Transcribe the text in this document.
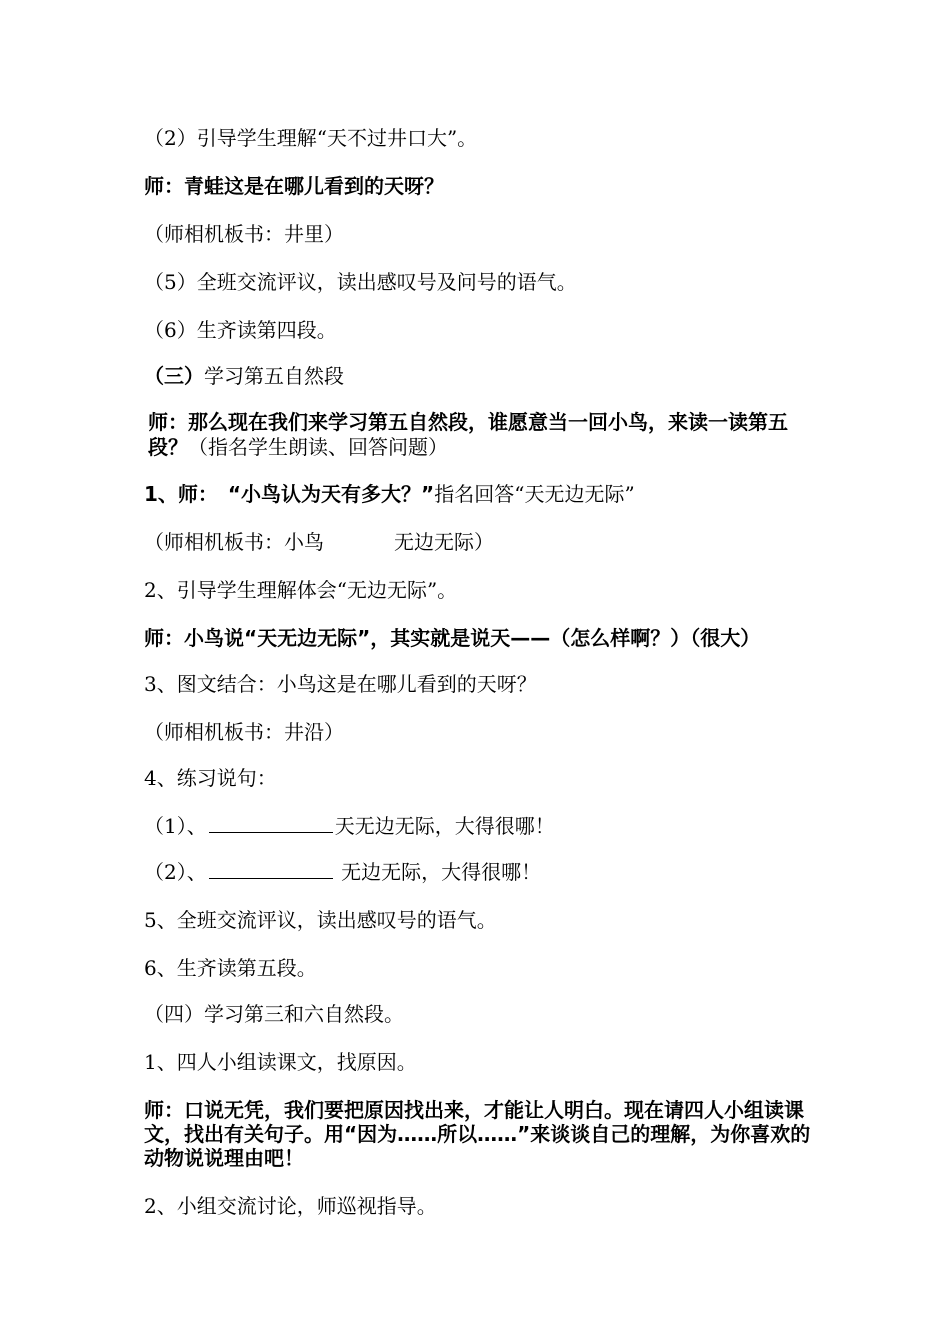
（2）引导学生理解“天不过井口大”。
师：青蛙这是在哪儿看到的天呀？
（师相机板书：井里）
（5）全班交流评议，读出感叹号及问号的语气。
（6）生齐读第四段。
（三）学习第五自然段
师：那么现在我们来学习第五自然段，谁愿意当一回小鸟，来读一读第五段？（指名学生朗读、回答问题）
1、师：　“小鸟认为天有多大？”指名回答“天无边无际”
（师相机板书：小鸟	无边无际）
2、引导学生理解体会“无边无际”。
师：小鸟说“天无边无际”，其实就是说天——（怎么样啊？）（很大）
3、图文结合：小鸟这是在哪儿看到的天呀？
（师相机板书：井沿）
4、练习说句：
（1）、	天无边无际，大得很哪！
（2）、	无边无际，大得很哪！
5、全班交流评议，读出感叹号的语气。
6、生齐读第五段。
（四）学习第三和六自然段。
1、四人小组读课文，找原因。
师：口说无凭，我们要把原因找出来，才能让人明白。现在请四人小组读课文，找出有关句子。用“因为……所以……”来谈谈自己的理解，为你喜欢的动物说说理由吧！
2、小组交流讨论，师巡视指导。
